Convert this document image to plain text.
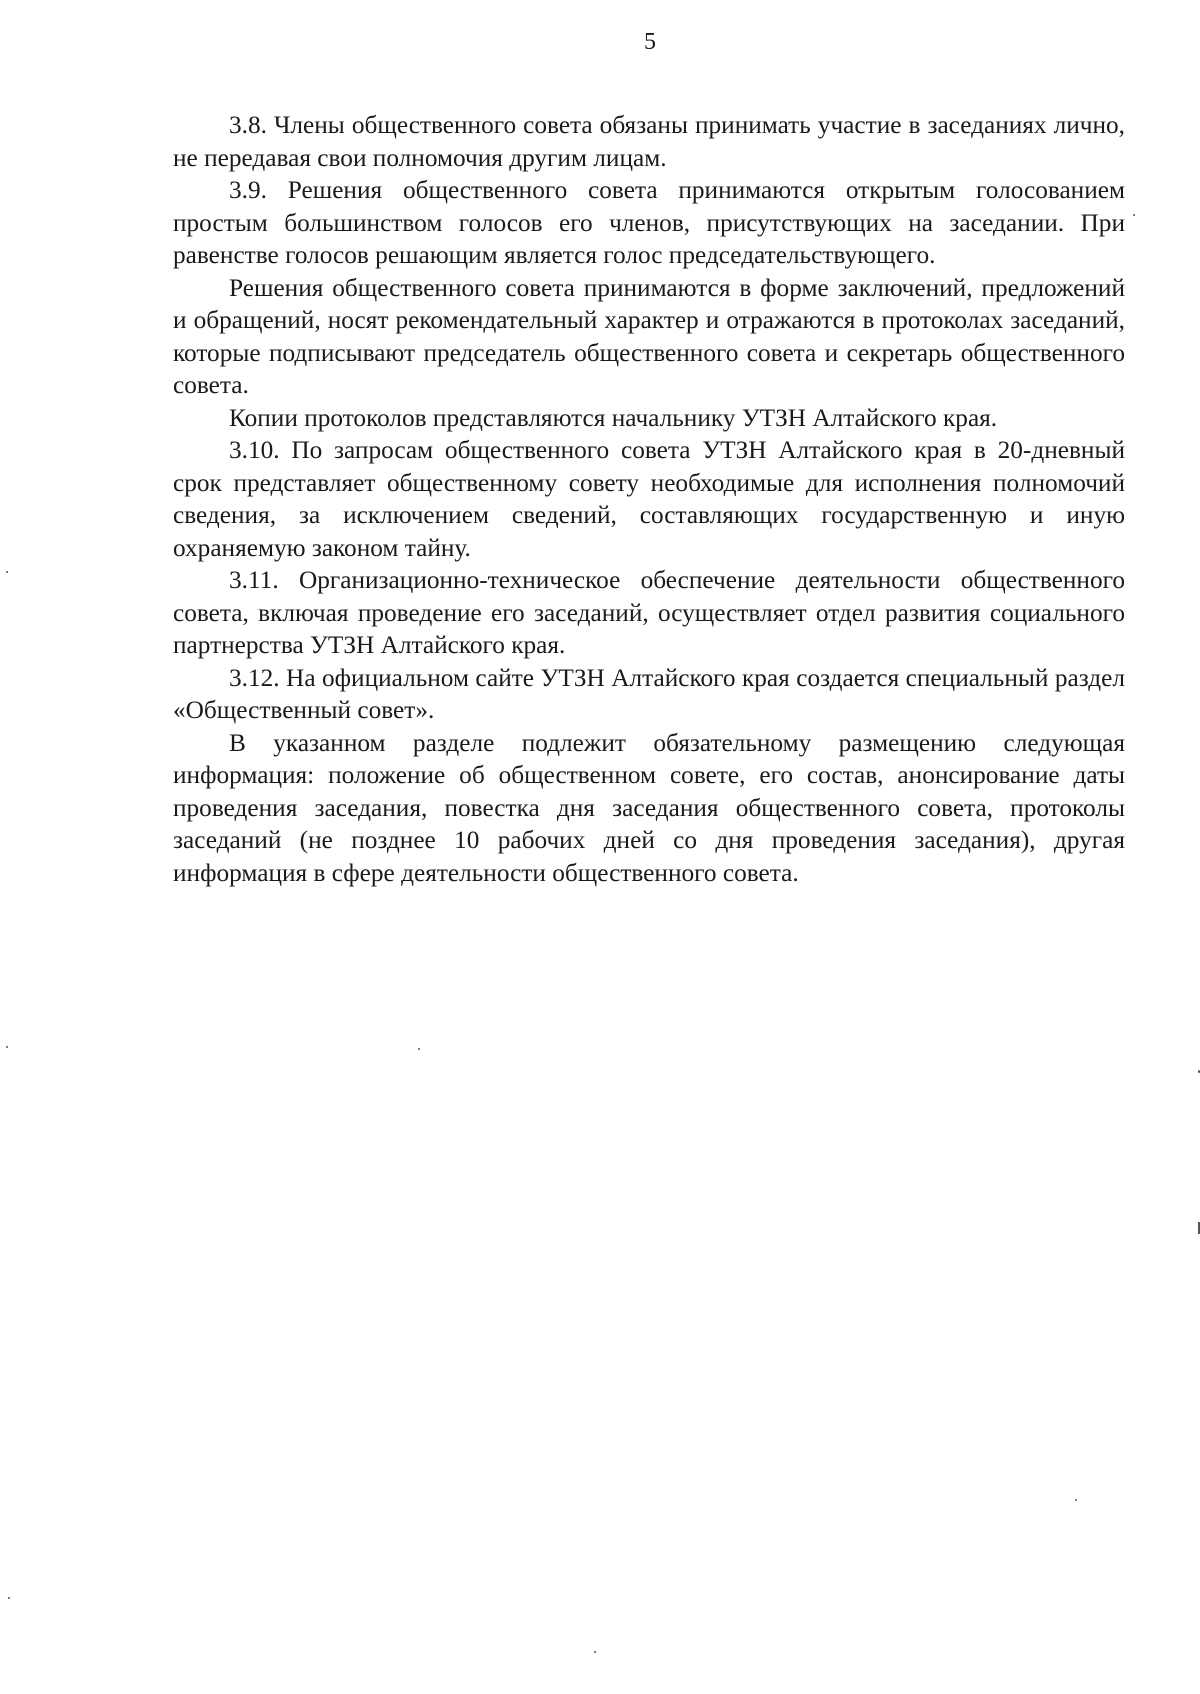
5

3.8. Члены общественного совета обязаны принимать участие в заседаниях лично, не передавая свои полномочия другим лицам.

3.9. Решения общественного совета принимаются открытым голосованием простым большинством голосов его членов, присутствующих на заседании. При равенстве голосов решающим является голос председательствующего.

Решения общественного совета принимаются в форме заключений, предложений и обращений, носят рекомендательный характер и отражаются в протоколах заседаний, которые подписывают председатель общественного совета и секретарь общественного совета.

Копии протоколов представляются начальнику УТЗН Алтайского края.

3.10. По запросам общественного совета УТЗН Алтайского края в 20-дневный срок представляет общественному совету необходимые для исполнения полномочий сведения, за исключением сведений, составляющих государственную и иную охраняемую законом тайну.

3.11. Организационно-техническое обеспечение деятельности общественного совета, включая проведение его заседаний, осуществляет отдел развития социального партнерства УТЗН Алтайского края.

3.12. На официальном сайте УТЗН Алтайского края создается специальный раздел «Общественный совет».

В указанном разделе подлежит обязательному размещению следующая информация: положение об общественном совете, его состав, анонсирование даты проведения заседания, повестка дня заседания общественного совета, протоколы заседаний (не позднее 10 рабочих дней со дня проведения заседания), другая информация в сфере деятельности общественного совета.
